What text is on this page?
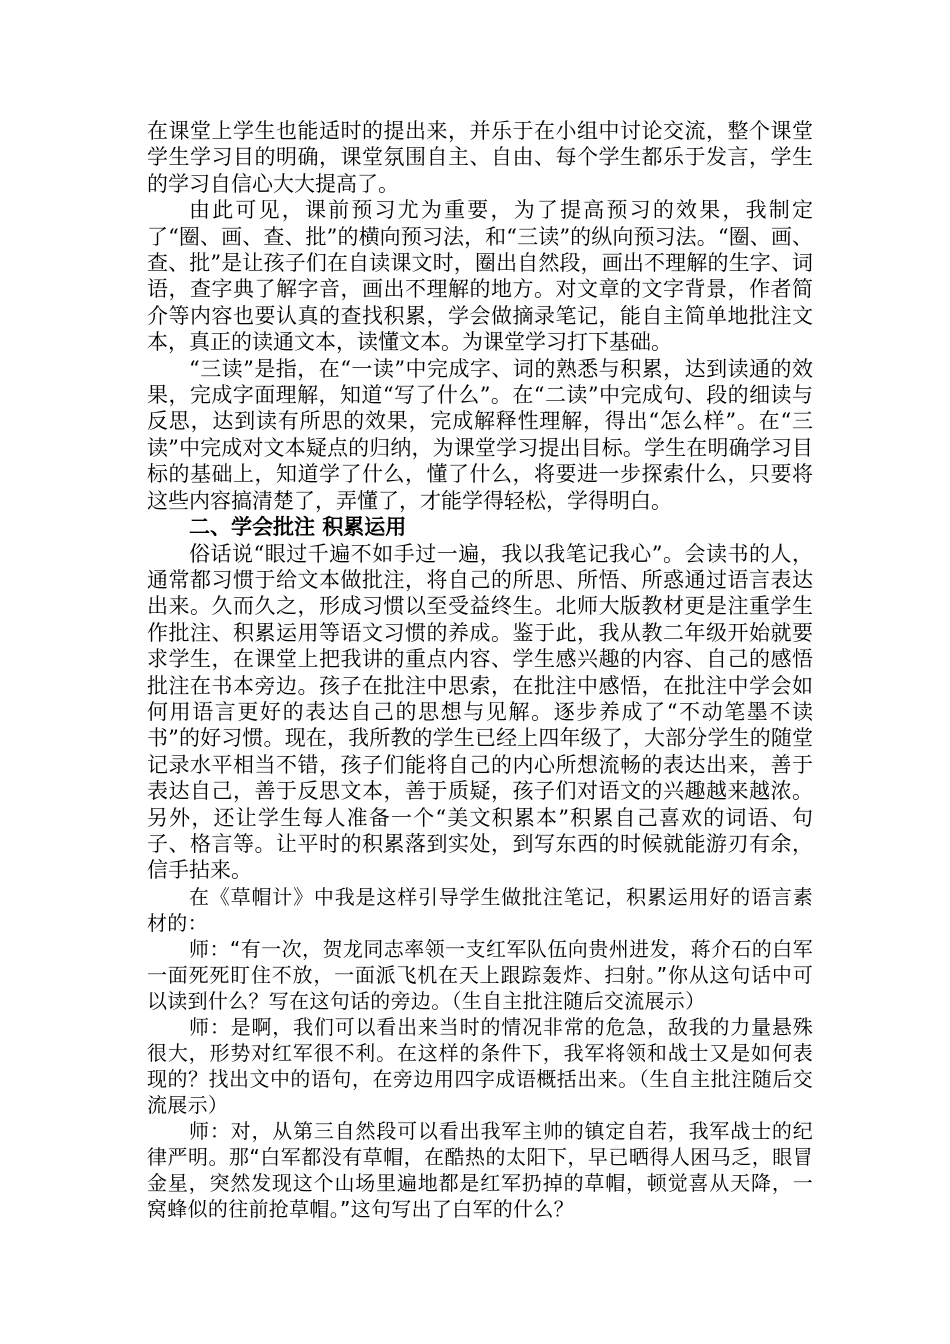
在课堂上学生也能适时的提出来，并乐于在小组中讨论交流，整个课堂学生学习目的明确，课堂氛围自主、自由、每个学生都乐于发言，学生的学习自信心大大提高了。

由此可见，课前预习尤为重要，为了提高预习的效果，我制定了“圈、画、查、批”的横向预习法，和“三读”的纵向预习法。“圈、画、查、批”是让孩子们在自读课文时，圈出自然段，画出不理解的生字、词语，查字典了解字音，画出不理解的地方。对文章的文字背景，作者简介等内容也要认真的查找积累，学会做摘录笔记，能自主简单地批注文本，真正的读通文本，读懂文本。为课堂学习打下基础。

“三读”是指，在“一读”中完成字、词的熟悉与积累，达到读通的效果，完成字面理解，知道“写了什么”。在“二读”中完成句、段的细读与反思，达到读有所思的效果，完成解释性理解，得出“怎么样”。在“三读”中完成对文本疑点的归纳，为课堂学习提出目标。学生在明确学习目标的基础上，知道学了什么，懂了什么，将要进一步探索什么，只要将这些内容搞清楚了，弄懂了，才能学得轻松，学得明白。

二、学会批注 积累运用

俗话说“眼过千遍不如手过一遍，我以我笔记我心”。会读书的人，通常都习惯于给文本做批注，将自己的所思、所悟、所惑通过语言表达出来。久而久之，形成习惯以至受益终生。北师大版教材更是注重学生作批注、积累运用等语文习惯的养成。鉴于此，我从教二年级开始就要求学生，在课堂上把我讲的重点内容、学生感兴趣的内容、自己的感悟批注在书本旁边。孩子在批注中思索，在批注中感悟，在批注中学会如何用语言更好的表达自己的思想与见解。逐步养成了“不动笔墨不读书”的好习惯。现在，我所教的学生已经上四年级了，大部分学生的随堂记录水平相当不错，孩子们能将自己的内心所想流畅的表达出来，善于表达自己，善于反思文本，善于质疑，孩子们对语文的兴趣越来越浓。另外，还让学生每人准备一个“美文积累本”积累自己喜欢的词语、句子、格言等。让平时的积累落到实处，到写东西的时候就能游刃有余，信手拈来。

在《草帽计》中我是这样引导学生做批注笔记，积累运用好的语言素材的：

师：“有一次，贺龙同志率领一支红军队伍向贵州进发，蒋介石的白军一面死死盯住不放，一面派飞机在天上跟踪轰炸、扫射。”你从这句话中可以读到什么？写在这句话的旁边。（生自主批注随后交流展示）

师：是啊，我们可以看出来当时的情况非常的危急，敌我的力量悬殊很大，形势对红军很不利。在这样的条件下，我军将领和战士又是如何表现的？找出文中的语句，在旁边用四字成语概括出来。（生自主批注随后交流展示）

师：对，从第三自然段可以看出我军主帅的镇定自若，我军战士的纪律严明。那“白军都没有草帽，在酷热的太阳下，早已晒得人困马乏，眼冒金星，突然发现这个山场里遍地都是红军扔掉的草帽，顿觉喜从天降，一窝蜂似的往前抢草帽。”这句写出了白军的什么？
